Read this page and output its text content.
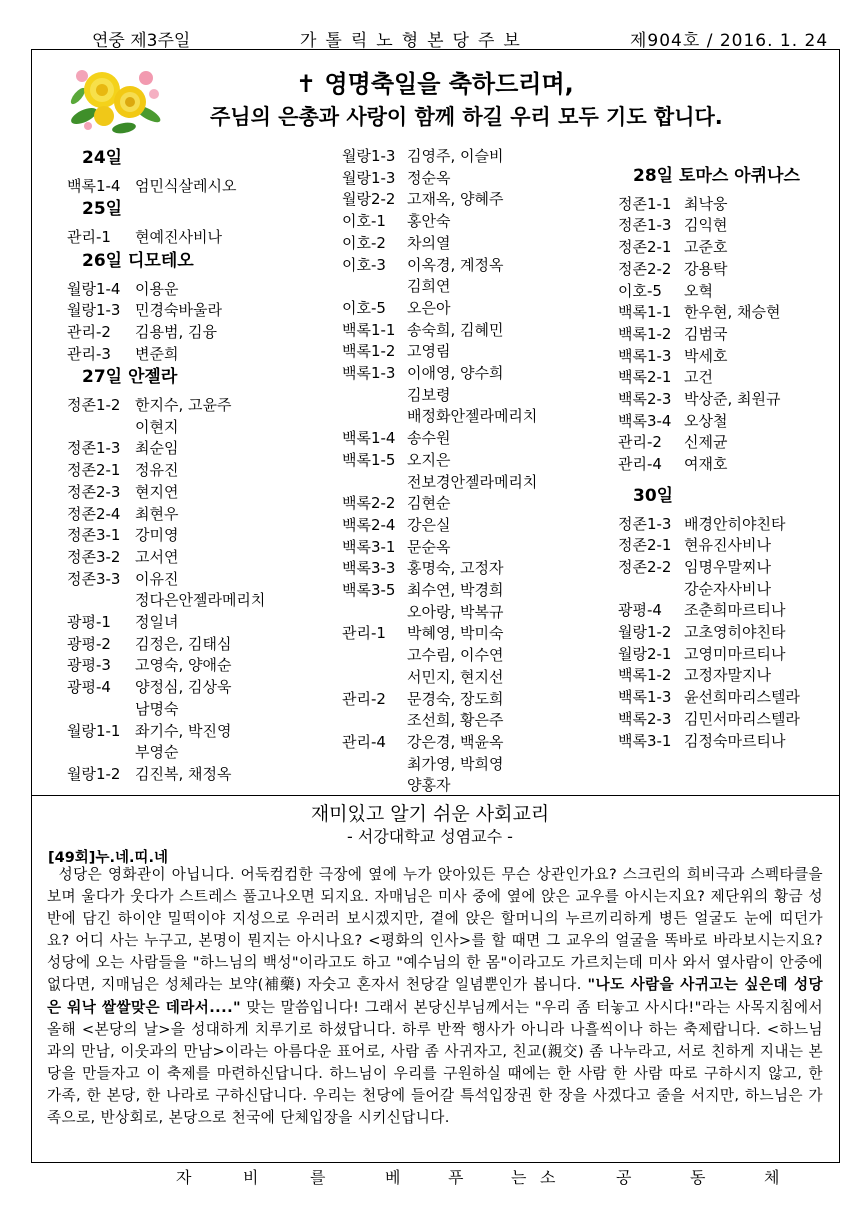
연중 제3주일	가톨릭노형본당주보	제904호 / 2016. 1. 24
✝ 영명축일을 축하드리며,
주님의 은총과 사랑이 함께 하길 우리 모두 기도 합니다.
24일
백록1-4 엄민식살레시오
25일
관리-1	현예진사비나
26일 디모테오
월랑1-4 이용운
월랑1-3 민경숙바울라
관리-2	김용범, 김융
관리-3	변준희
27일 안젤라
정존1-2 한지수, 고윤주
이현지
정존1-3 최순임
정존2-1 정유진
정존2-3 현지연
정존2-4 최현우
정존3-1 강미영
정존3-2 고서연
정존3-3 이유진
정다은안젤라메리치
광평-1	정일녀
광평-2	김정은, 김태심
광평-3	고영숙, 양애순
광평-4	양정심, 김상욱
남명숙
월랑1-1 좌기수, 박진영
부영순
월랑1-2 김진복, 채정옥
월랑1-3 김영주, 이슬비
월랑1-3 정순옥
월랑2-2 고재옥, 양혜주
이호-1	홍안숙
이호-2	차의열
이호-3	이옥경, 계정옥
김희연
이호-5	오은아
백록1-1 송숙희, 김혜민
백록1-2 고영림
백록1-3 이애영, 양수희
김보령
배정화안젤라메리치
백록1-4 송수원
백록1-5 오지은
전보경안젤라메리치
백록2-2 김현순
백록2-4 강은실
백록3-1 문순옥
백록3-3 홍명숙, 고정자
백록3-5 최수연, 박경희
오아랑, 박복규
관리-1	박혜영, 박미숙
고수림, 이수연
서민지, 현지선
관리-2	문경숙, 장도희
조선희, 황은주
관리-4	강은경, 백윤옥
최가영, 박희영
양홍자
28일 토마스 아퀴나스
정존1-1 최낙웅
정존1-3 김익현
정존2-1 고준호
정존2-2 강용탁
이호-5	오혁
백록1-1 한우현, 채승현
백록1-2 김범국
백록1-3 박세호
백록2-1 고건
백록2-3 박상준, 최원규
백록3-4 오상철
관리-2	신제균
관리-4	여재호
30일
정존1-3 배경안히야친타
정존2-1 현유진사비나
정존2-2 임명우말찌나
강순자사비나
광평-4	조춘희마르티나
월랑1-2 고초영히야친타
월랑2-1 고영미마르티나
백록1-2 고정자말지나
백록1-3 윤선희마리스텔라
백록2-3 김민서마리스텔라
백록3-1 김정숙마르티나
재미있고 알기 쉬운 사회교리
- 서강대학교 성염교수 -
[49회]누.네.띠.네
성당은 영화관이 아닙니다. 어둑컴컴한 극장에 옆에 누가 앉아있든 무슨 상관인가요? 스크린의 희비극과 스펙타클을 보며 울다가 웃다가 스트레스 풀고나오면 되지요. 자매님은 미사 중에 옆에 앉은 교우를 아시는지요? 제단위의 황금 성반에 담긴 하이얀 밀떡이야 지성으로 우러러 보시겠지만, 곁에 앉은 할머니의 누르끼리하게 병든 얼굴도 눈에 띠던가요? 어디 사는 누구고, 본명이 뭔지는 아시나요? <평화의 인사>를 할 때면 그 교우의 얼굴을 똑바로 바라보시는지요? 성당에 오는 사람들을 "하느님의 백성"이라고도 하고 "예수님의 한 몸"이라고도 가르치는데 미사 와서 옆사람이 안중에 없다면, 지매님은 성체라는 보약(補藥) 자숫고 혼자서 천당갈 일념뿐인가 봅니다. "나도 사람을 사귀고는 싶은데 성당은 워낙 쌀쌀맞은 데라서...." 맞는 말씀입니다! 그래서 본당신부님께서는 "우리 좀 터놓고 사시다!"라는 사목지침에서 올해 <본당의 날>을 성대하게 치루기로 하셨답니다. 하루 반짝 행사가 아니라 나흘씩이나 하는 축제랍니다. <하느님과의 만남, 이웃과의 만남>이라는 아름다운 표어로, 사람 좀 사귀자고, 친교(親交) 좀 나누라고, 서로 친하게 지내는 본당을 만들자고 이 축제를 마련하신답니다. 하느님이 우리를 구원하실 때에는 한 사람 한 사람 따로 구하시지 않고, 한 가족, 한 본당, 한 나라로 구하신답니다. 우리는 천당에 들어갈 특석입장권 한 장을 사겠다고 줄을 서지만, 하느님은 가족으로, 반상회로, 본당으로 천국에 단체입장을 시키신답니다.
자	비	를	베	푸	는 소	공	동	체
